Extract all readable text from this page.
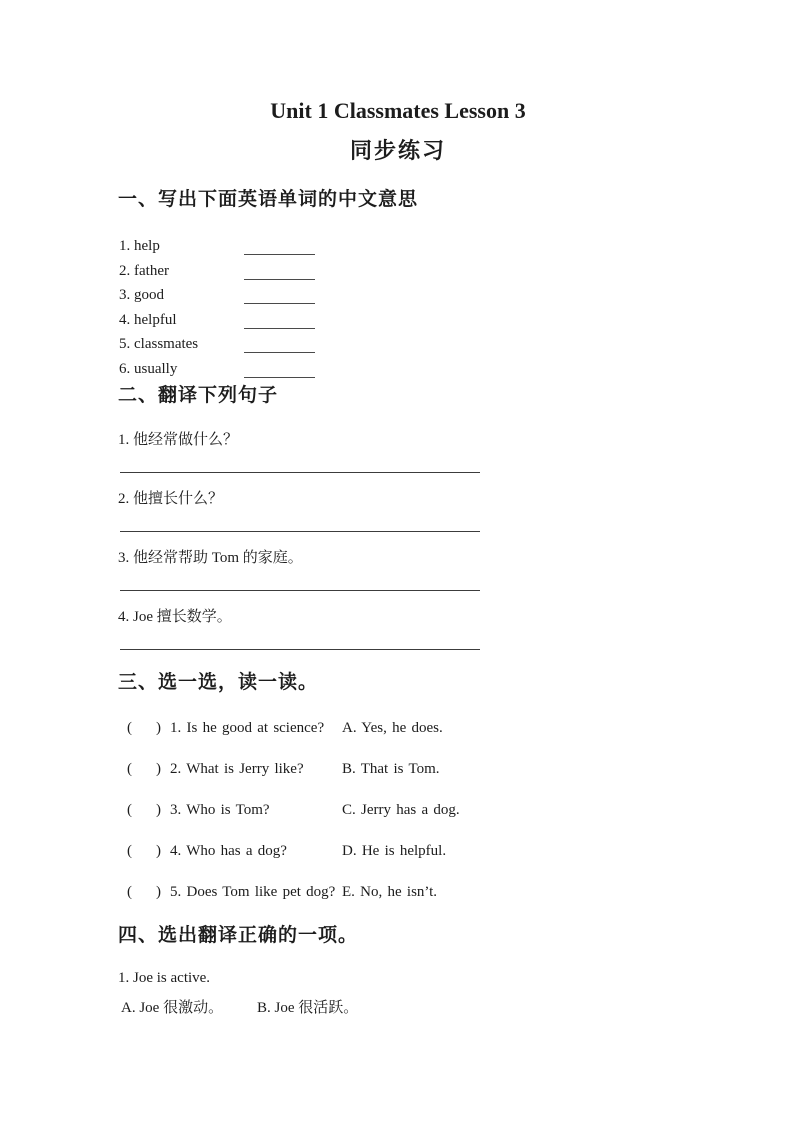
Unit 1 Classmates Lesson 3
同步练习
一、写出下面英语单词的中文意思
1. help
2. father
3. good
4. helpful
5. classmates
6. usually
二、翻译下列句子
1. 他经常做什么？
2. 他擅长什么？
3. 他经常帮助 Tom 的家庭。
4. Joe 擅长数学。
三、选一选，读一读。
( ) 1. Is he good at science? A. Yes, he does.
( ) 2. What is Jerry like?	B. That is Tom.
( ) 3. Who is Tom?	C. Jerry has a dog.
( ) 4. Who has a dog?	D. He is helpful.
( ) 5. Does Tom like pet dog? E. No, he isn’t.
四、选出翻译正确的一项。
1. Joe is active.
A. Joe 很激动。 B. Joe 很活跃。
